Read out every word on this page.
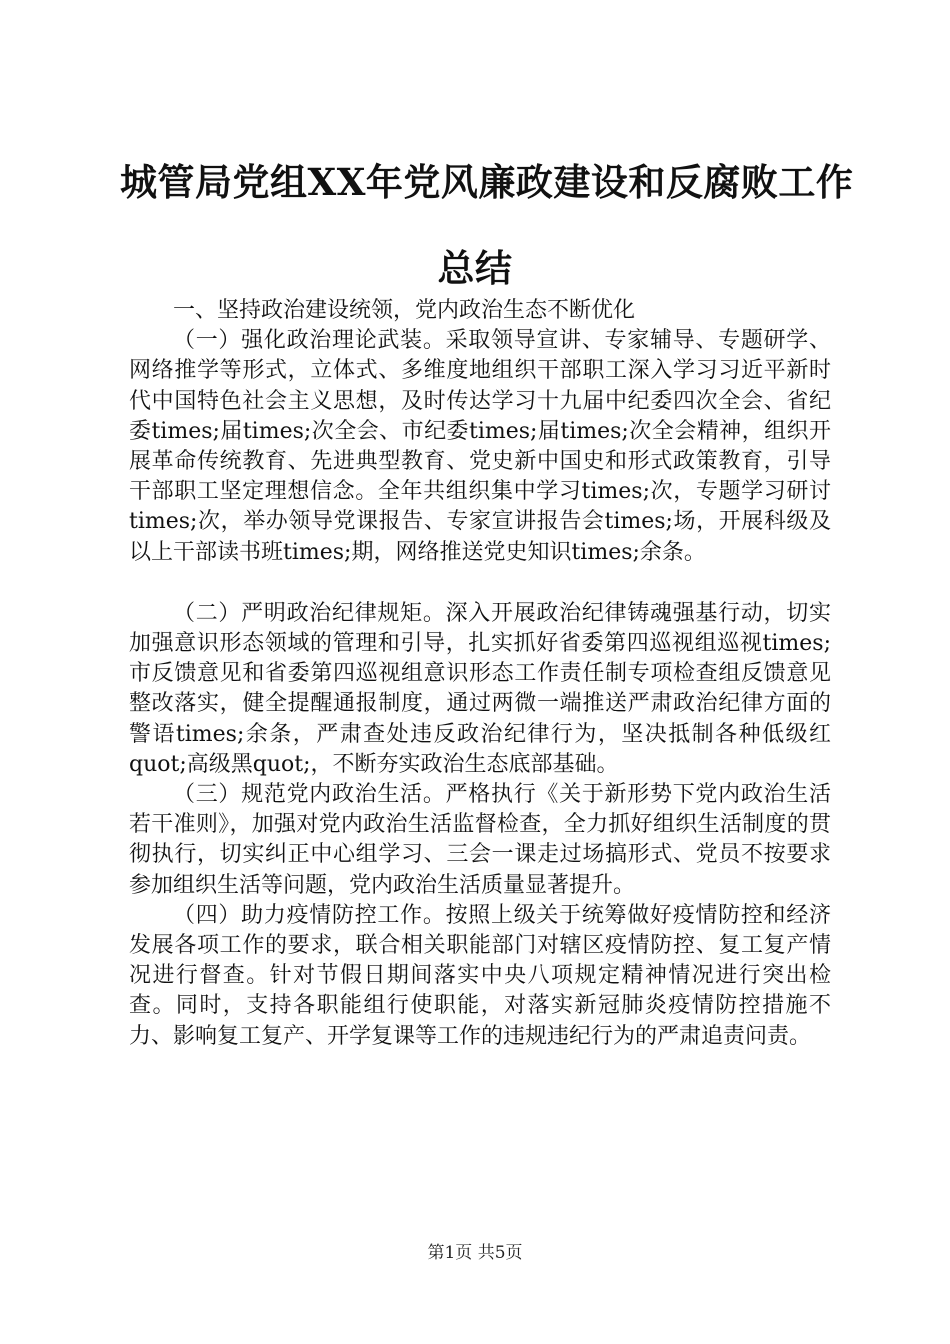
城管局党组XX年党风廉政建设和反腐败工作
总结

一、坚持政治建设统领，党内政治生态不断优化

（一）强化政治理论武装。采取领导宣讲、专家辅导、专题研学、网络推学等形式，立体式、多维度地组织干部职工深入学习习近平新时代中国特色社会主义思想，及时传达学习十九届中纪委四次全会、省纪委times;届times;次全会、市纪委times;届times;次全会精神，组织开展革命传统教育、先进典型教育、党史新中国史和形式政策教育，引导干部职工坚定理想信念。全年共组织集中学习times;次，专题学习研讨times;次，举办领导党课报告、专家宣讲报告会times;场，开展科级及以上干部读书班times;期，网络推送党史知识times;余条。

（二）严明政治纪律规矩。深入开展政治纪律铸魂强基行动，切实加强意识形态领域的管理和引导，扎实抓好省委第四巡视组巡视times;市反馈意见和省委第四巡视组意识形态工作责任制专项检查组反馈意见整改落实，健全提醒通报制度，通过两微一端推送严肃政治纪律方面的警语times;余条，严肃查处违反政治纪律行为，坚决抵制各种低级红quot;高级黑quot;，不断夯实政治生态底部基础。

（三）规范党内政治生活。严格执行《关于新形势下党内政治生活若干准则》，加强对党内政治生活监督检查，全力抓好组织生活制度的贯彻执行，切实纠正中心组学习、三会一课走过场搞形式、党员不按要求参加组织生活等问题，党内政治生活质量显著提升。

（四）助力疫情防控工作。按照上级关于统筹做好疫情防控和经济发展各项工作的要求，联合相关职能部门对辖区疫情防控、复工复产情况进行督查。针对节假日期间落实中央八项规定精神情况进行突出检查。同时，支持各职能组行使职能，对落实新冠肺炎疫情防控措施不力、影响复工复产、开学复课等工作的违规违纪行为的严肃追责问责。

第1页 共5页
